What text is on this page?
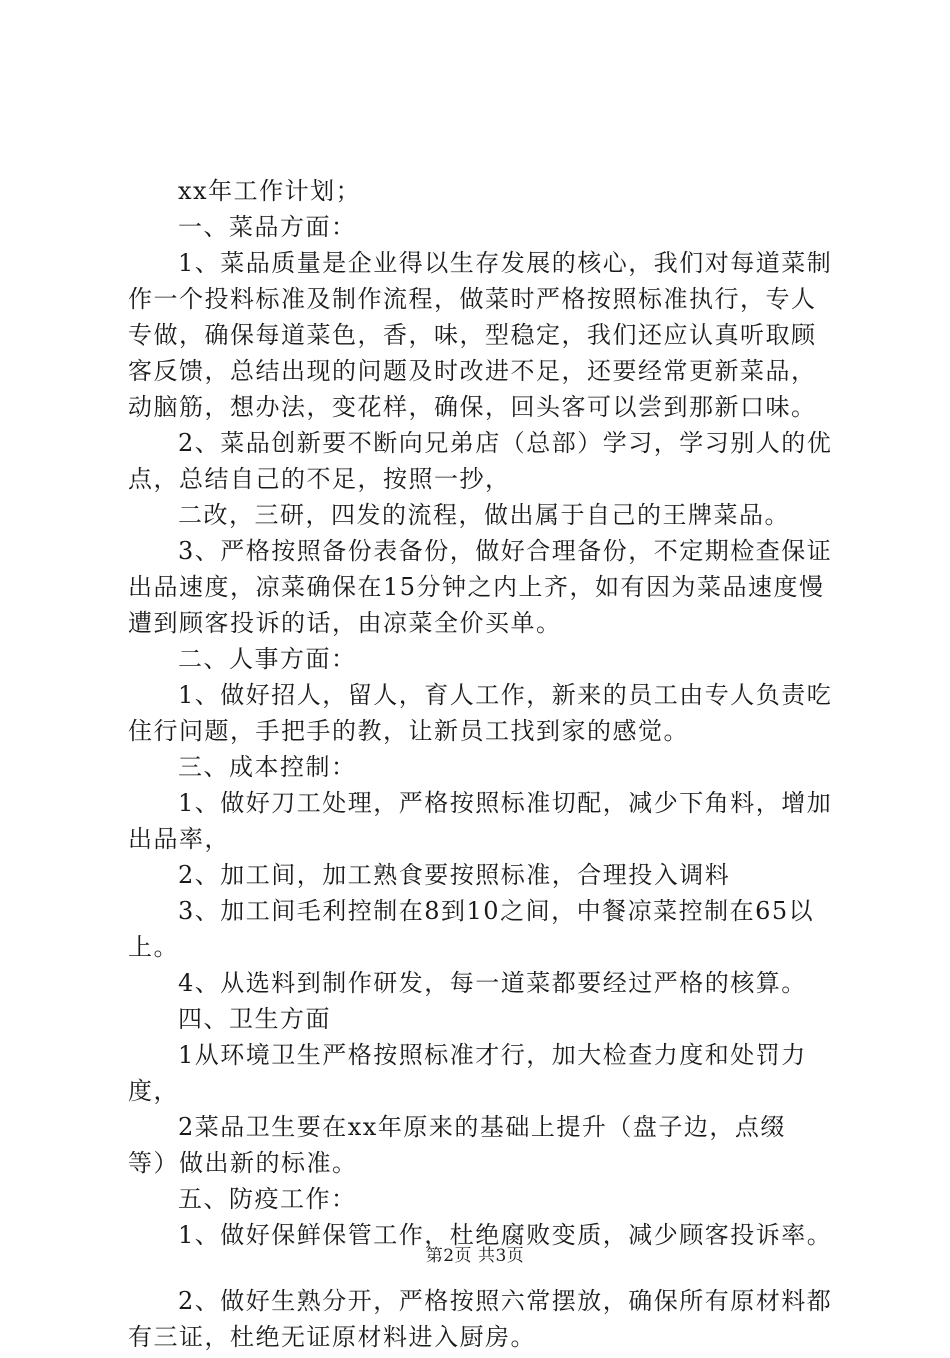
xx年工作计划；
一、菜品方面：
1、菜品质量是企业得以生存发展的核心，我们对每道菜制
作一个投料标准及制作流程，做菜时严格按照标准执行，专人
专做，确保每道菜色，香，味，型稳定，我们还应认真听取顾
客反馈，总结出现的问题及时改进不足，还要经常更新菜品，
动脑筋，想办法，变花样，确保，回头客可以尝到那新口味。
2、菜品创新要不断向兄弟店（总部）学习，学习别人的优
点，总结自己的不足，按照一抄，
二改，三研，四发的流程，做出属于自己的王牌菜品。
3、严格按照备份表备份，做好合理备份，不定期检查保证
出品速度，凉菜确保在15分钟之内上齐，如有因为菜品速度慢
遭到顾客投诉的话，由凉菜全价买单。
二、人事方面：
1、做好招人，留人，育人工作，新来的员工由专人负责吃
住行问题，手把手的教，让新员工找到家的感觉。
三、成本控制：
1、做好刀工处理，严格按照标准切配，减少下角料，增加
出品率，
2、加工间，加工熟食要按照标准，合理投入调料
3、加工间毛利控制在8到10之间，中餐凉菜控制在65以
上。
4、从选料到制作研发，每一道菜都要经过严格的核算。
四、卫生方面
1从环境卫生严格按照标准才行，加大检查力度和处罚力
度，
2菜品卫生要在xx年原来的基础上提升（盘子边，点缀
等）做出新的标准。
五、防疫工作：
1、做好保鲜保管工作，杜绝腐败变质，减少顾客投诉率。
2、做好生熟分开，严格按照六常摆放，确保所有原材料都
有三证，杜绝无证原材料进入厨房。
第2页 共3页
